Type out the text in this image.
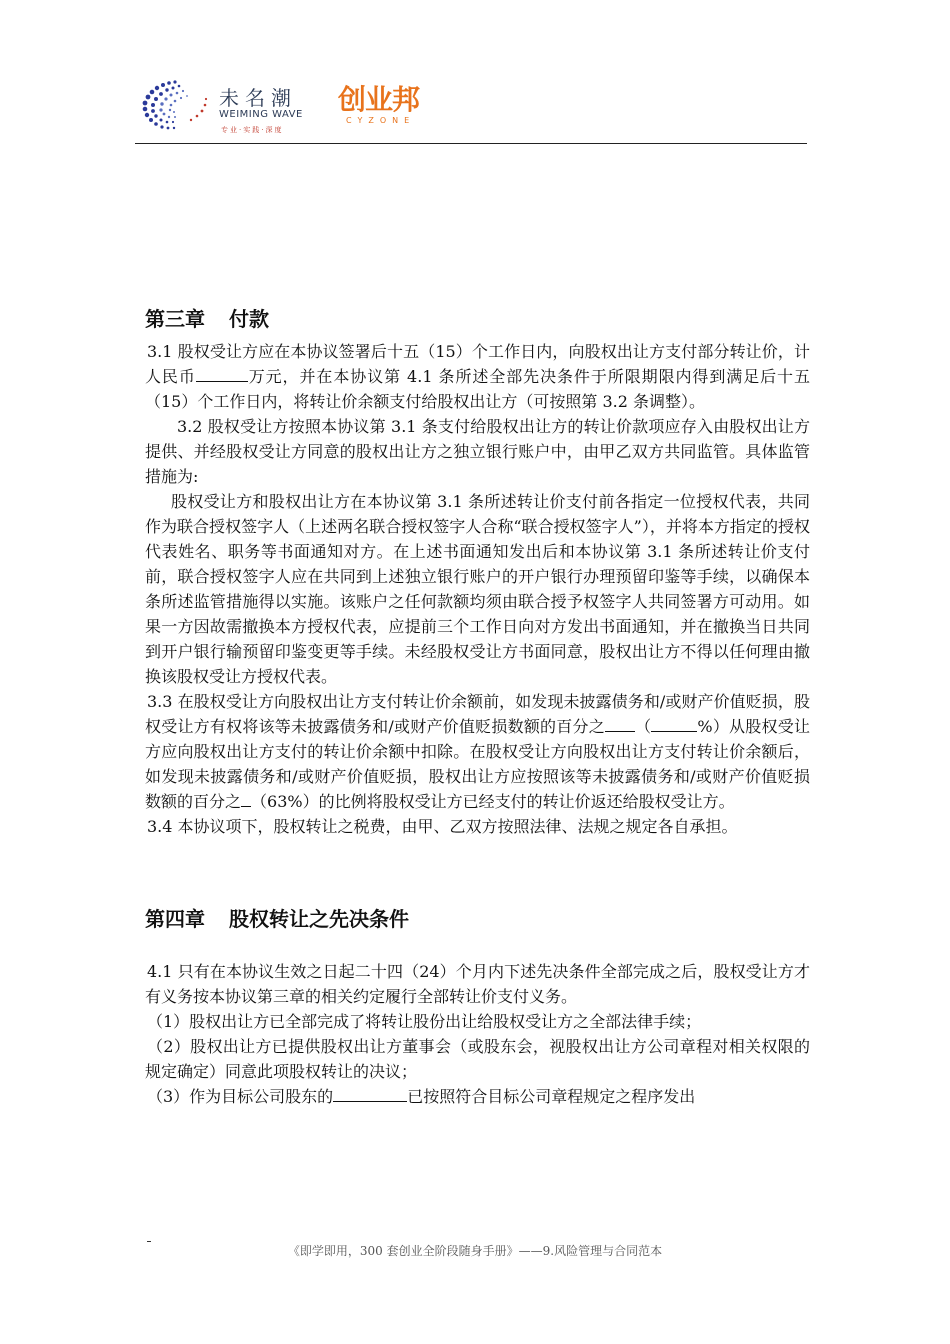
未名潮
WEIMING WAVE
专业·实践·深度
创业邦
CYZONE
第三章 付款

3.1 股权受让方应在本协议签署后十五（15）个工作日内，向股权出让方支付部分转让价，计人民币	万元，并在本协议第 4.1 条所述全部先决条件于所限期限内得到满足后十五（15）个工作日内，将转让价余额支付给股权出让方（可按照第 3.2 条调整）。

3.2 股权受让方按照本协议第 3.1 条支付给股权出让方的转让价款项应存入由股权出让方提供、并经股权受让方同意的股权出让方之独立银行账户中，由甲乙双方共同监管。具体监管措施为:

股权受让方和股权出让方在本协议第 3.1 条所述转让价支付前各指定一位授权代表，共同作为联合授权签字人（上述两名联合授权签字人合称“联合授权签字人”），并将本方指定的授权代表姓名、职务等书面通知对方。在上述书面通知发出后和本协议第 3.1 条所述转让价支付前，联合授权签字人应在共同到上述独立银行账户的开户银行办理预留印鉴等手续，以确保本条所述监管措施得以实施。该账户之任何款额均须由联合授予权签字人共同签署方可动用。如果一方因故需撤换本方授权代表，应提前三个工作日向对方发出书面通知，并在撤换当日共同到开户银行输预留印鉴变更等手续。未经股权受让方书面同意，股权出让方不得以任何理由撤换该股权受让方授权代表。

3.3 在股权受让方向股权出让方支付转让价余额前，如发现未披露债务和/或财产价值贬损，股权受让方有权将该等未披露债务和/或财产价值贬损数额的百分之 （	%）从股权受让方应向股权出让方支付的转让价余额中扣除。在股权受让方向股权出让方支付转让价余额后，如发现未披露债务和/或财产价值贬损，股权出让方应按照该等未披露债务和/或财产价值贬损数额的百分之 （63%）的比例将股权受让方已经支付的转让价返还给股权受让方。

3.4 本协议项下，股权转让之税费，由甲、乙双方按照法律、法规之规定各自承担。

第四章 股权转让之先决条件

4.1 只有在本协议生效之日起二十四（24）个月内下述先决条件全部完成之后，股权受让方才有义务按本协议第三章的相关约定履行全部转让价支付义务。

（1）股权出让方已全部完成了将转让股份出让给股权受让方之全部法律手续；

（2）股权出让方已提供股权出让方董事会（或股东会，视股权出让方公司章程对相关权限的规定确定）同意此项股权转让的决议；

（3）作为目标公司股东的	已按照符合目标公司章程规定之程序发出

《即学即用，300 套创业全阶段随身手册》——9.风险管理与合同范本
